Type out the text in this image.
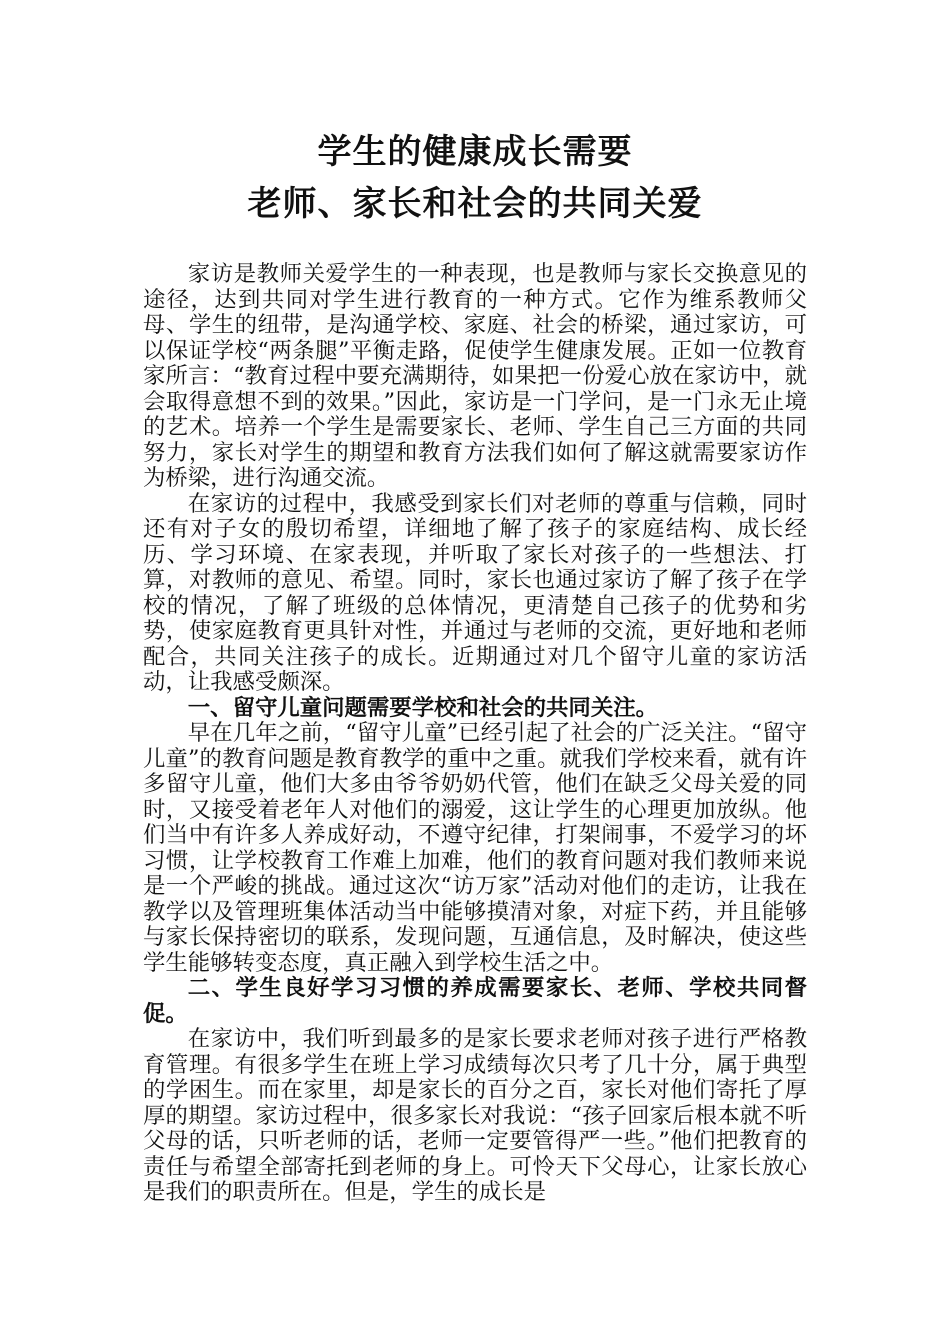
学生的健康成长需要
老师、家长和社会的共同关爱

家访是教师关爱学生的一种表现，也是教师与家长交换意见的途径，达到共同对学生进行教育的一种方式。它作为维系教师父母、学生的纽带，是沟通学校、家庭、社会的桥梁，通过家访，可以保证学校“两条腿”平衡走路，促使学生健康发展。正如一位教育家所言：“教育过程中要充满期待，如果把一份爱心放在家访中，就会取得意想不到的效果。”因此，家访是一门学问，是一门永无止境的艺术。培养一个学生是需要家长、老师、学生自己三方面的共同努力，家长对学生的期望和教育方法我们如何了解这就需要家访作为桥梁，进行沟通交流。

在家访的过程中，我感受到家长们对老师的尊重与信赖，同时还有对子女的殷切希望，详细地了解了孩子的家庭结构、成长经历、学习环境、在家表现，并听取了家长对孩子的一些想法、打算，对教师的意见、希望。同时，家长也通过家访了解了孩子在学校的情况，了解了班级的总体情况，更清楚自己孩子的优势和劣势，使家庭教育更具针对性，并通过与老师的交流，更好地和老师配合，共同关注孩子的成长。近期通过对几个留守儿童的家访活动，让我感受颇深。

一、留守儿童问题需要学校和社会的共同关注。

早在几年之前，“留守儿童”已经引起了社会的广泛关注。“留守儿童”的教育问题是教育教学的重中之重。就我们学校来看，就有许多留守儿童，他们大多由爷爷奶奶代管，他们在缺乏父母关爱的同时，又接受着老年人对他们的溺爱，这让学生的心理更加放纵。他们当中有许多人养成好动，不遵守纪律，打架闹事，不爱学习的坏习惯，让学校教育工作难上加难，他们的教育问题对我们教师来说是一个严峻的挑战。通过这次“访万家”活动对他们的走访，让我在教学以及管理班集体活动当中能够摸清对象，对症下药，并且能够与家长保持密切的联系，发现问题，互通信息，及时解决，使这些学生能够转变态度，真正融入到学校生活之中。

二、学生良好学习习惯的养成需要家长、老师、学校共同督促。

在家访中，我们听到最多的是家长要求老师对孩子进行严格教育管理。有很多学生在班上学习成绩每次只考了几十分，属于典型的学困生。而在家里，却是家长的百分之百，家长对他们寄托了厚厚的期望。家访过程中，很多家长对我说：“孩子回家后根本就不听父母的话，只听老师的话，老师一定要管得严一些。”他们把教育的责任与希望全部寄托到老师的身上。可怜天下父母心，让家长放心是我们的职责所在。但是，学生的成长是
